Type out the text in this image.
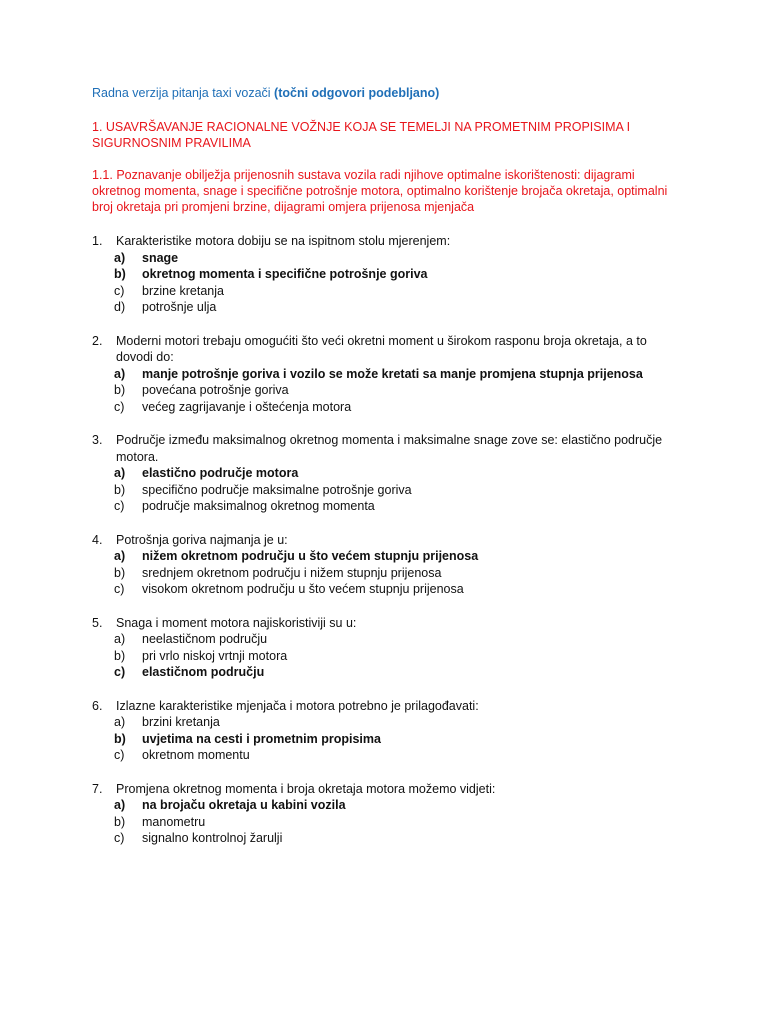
Radna verzija pitanja taxi vozači (točni odgovori podebljano)
1. USAVRŠAVANJE RACIONALNE VOŽNJE KOJA SE TEMELJI NA PROMETNIM PROPISIMA I SIGURNOSNIM PRAVILIMA
1.1. Poznavanje obilježja prijenosnih sustava vozila radi njihove optimalne iskorištenosti: dijagrami okretnog momenta, snage i specifične potrošnje motora, optimalno korištenje brojača okretaja, optimalni broj okretaja pri promjeni brzine, dijagrami omjera prijenosa mjenjača
1.	Karakteristike motora dobiju se na ispitnom stolu mjerenjem:
a)	snage
b)	okretnog momenta i specifične potrošnje goriva
c)	brzine kretanja
d)	potrošnje ulja
2.	Moderni motori trebaju omogućiti što veći okretni moment u širokom rasponu broja okretaja, a to dovodi do:
a)	manje potrošnje goriva i vozilo se može kretati sa manje promjena stupnja prijenosa
b)	povećana potrošnje goriva
c)	većeg zagrijavanje i oštećenja motora
3.	Područje između maksimalnog okretnog momenta i maksimalne snage zove se: elastično područje motora.
a)	elastično područje motora
b)	specifično područje maksimalne potrošnje goriva
c)	područje maksimalnog okretnog momenta
4.	Potrošnja goriva najmanja je u:
a)	nižem okretnom području u što većem stupnju prijenosa
b)	srednjem okretnom području i nižem stupnju prijenosa
c)	visokom okretnom području u što većem stupnju prijenosa
5.	Snaga i moment motora najiskoristiviji su u:
a)	neelastičnom području
b)	pri vrlo niskoj vrtnji motora
c)	elastičnom području
6.	Izlazne karakteristike mjenjača i motora potrebno je prilagođavati:
a)	brzini kretanja
b)	uvjetima na cesti i prometnim propisima
c)	okretnom momentu
7.	Promjena okretnog momenta i broja okretaja motora možemo vidjeti:
a)	na brojaču okretaja u kabini vozila
b)	manometru
c)	signalno kontrolnoj žarulji
